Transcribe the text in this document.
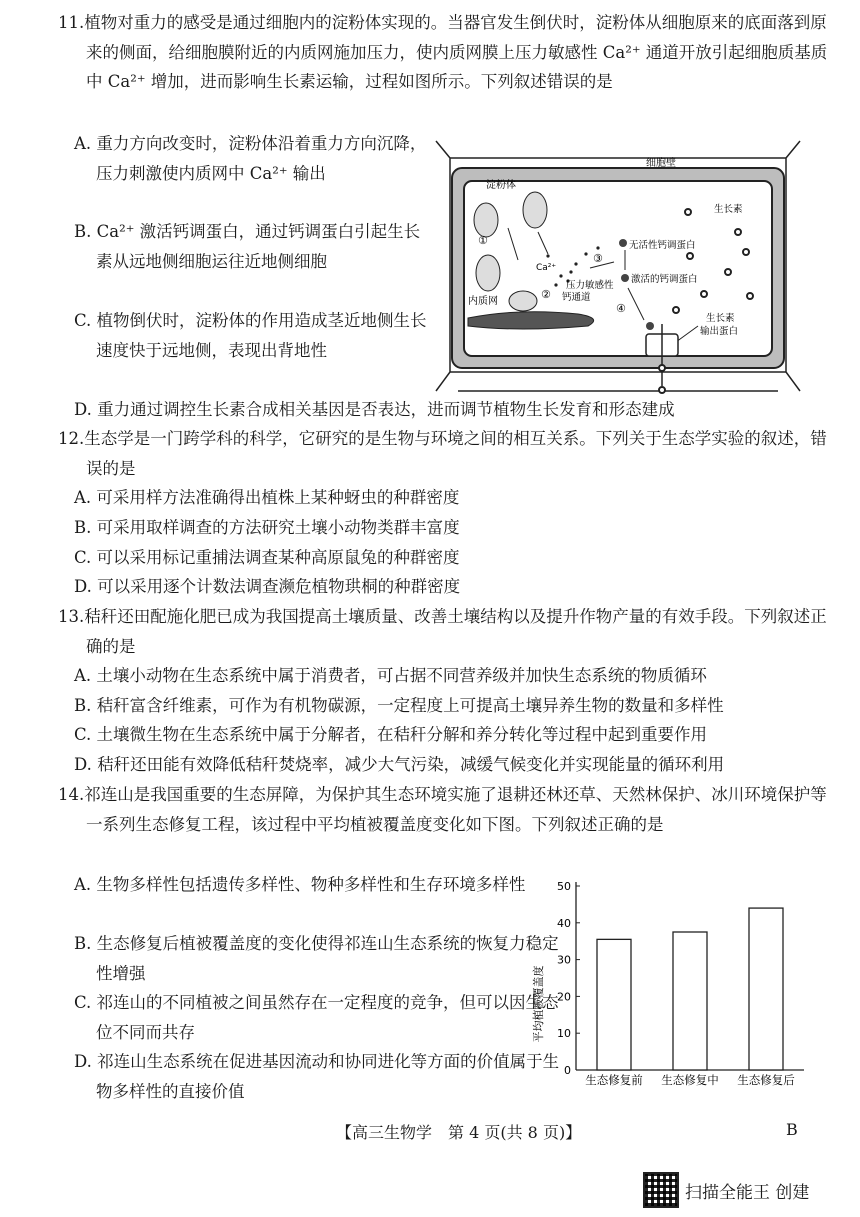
11.植物对重力的感受是通过细胞内的淀粉体实现的。当器官发生倒伏时，淀粉体从细胞原来的底面落到原来的侧面，给细胞膜附近的内质网施加压力，使内质网膜上压力敏感性 Ca²⁺ 通道开放引起细胞质基质中 Ca²⁺ 增加，进而影响生长素运输，过程如图所示。下列叙述错误的是
A. 重力方向改变时，淀粉体沿着重力方向沉降，压力刺激使内质网中 Ca²⁺ 输出
B. Ca²⁺ 激活钙调蛋白，通过钙调蛋白引起生长素从远地侧细胞运往近地侧细胞
C. 植物倒伏时，淀粉体的作用造成茎近地侧生长速度快于远地侧，表现出背地性
D. 重力通过调控生长素合成相关基因是否表达，进而调节植物生长发育和形态建成
细胞壁
淀粉体
①
内质网
Ca²⁺
②
压力敏感性
钙通道
③
无活性钙调蛋白
激活的钙调蛋白
④
生长素
生长素
输出蛋白
12.生态学是一门跨学科的科学，它研究的是生物与环境之间的相互关系。下列关于生态学实验的叙述，错误的是
A. 可采用样方法准确得出植株上某种蚜虫的种群密度
B. 可采用取样调查的方法研究土壤小动物类群丰富度
C. 可以采用标记重捕法调查某种高原鼠兔的种群密度
D. 可以采用逐个计数法调查濒危植物珙桐的种群密度
13.秸秆还田配施化肥已成为我国提高土壤质量、改善土壤结构以及提升作物产量的有效手段。下列叙述正确的是
A. 土壤小动物在生态系统中属于消费者，可占据不同营养级并加快生态系统的物质循环
B. 秸秆富含纤维素，可作为有机物碳源，一定程度上可提高土壤异养生物的数量和多样性
C. 土壤微生物在生态系统中属于分解者，在秸秆分解和养分转化等过程中起到重要作用
D. 秸秆还田能有效降低秸秆焚烧率，减少大气污染，减缓气候变化并实现能量的循环利用
14.祁连山是我国重要的生态屏障，为保护其生态环境实施了退耕还林还草、天然林保护、冰川环境保护等一系列生态修复工程，该过程中平均植被覆盖度变化如下图。下列叙述正确的是
A. 生物多样性包括遗传多样性、物种多样性和生存环境多样性
B. 生态修复后植被覆盖度的变化使得祁连山生态系统的恢复力稳定性增强
C. 祁连山的不同植被之间虽然存在一定程度的竞争，但可以因生态位不同而共存
D. 祁连山生态系统在促进基因流动和协同进化等方面的价值属于生物多样性的直接价值
平均植被覆盖度
0
10
20
30
40
50
生态修复前 生态修复中 生态修复后
【高三生物学　第 4 页(共 8 页)】	B
扫描全能王 创建
